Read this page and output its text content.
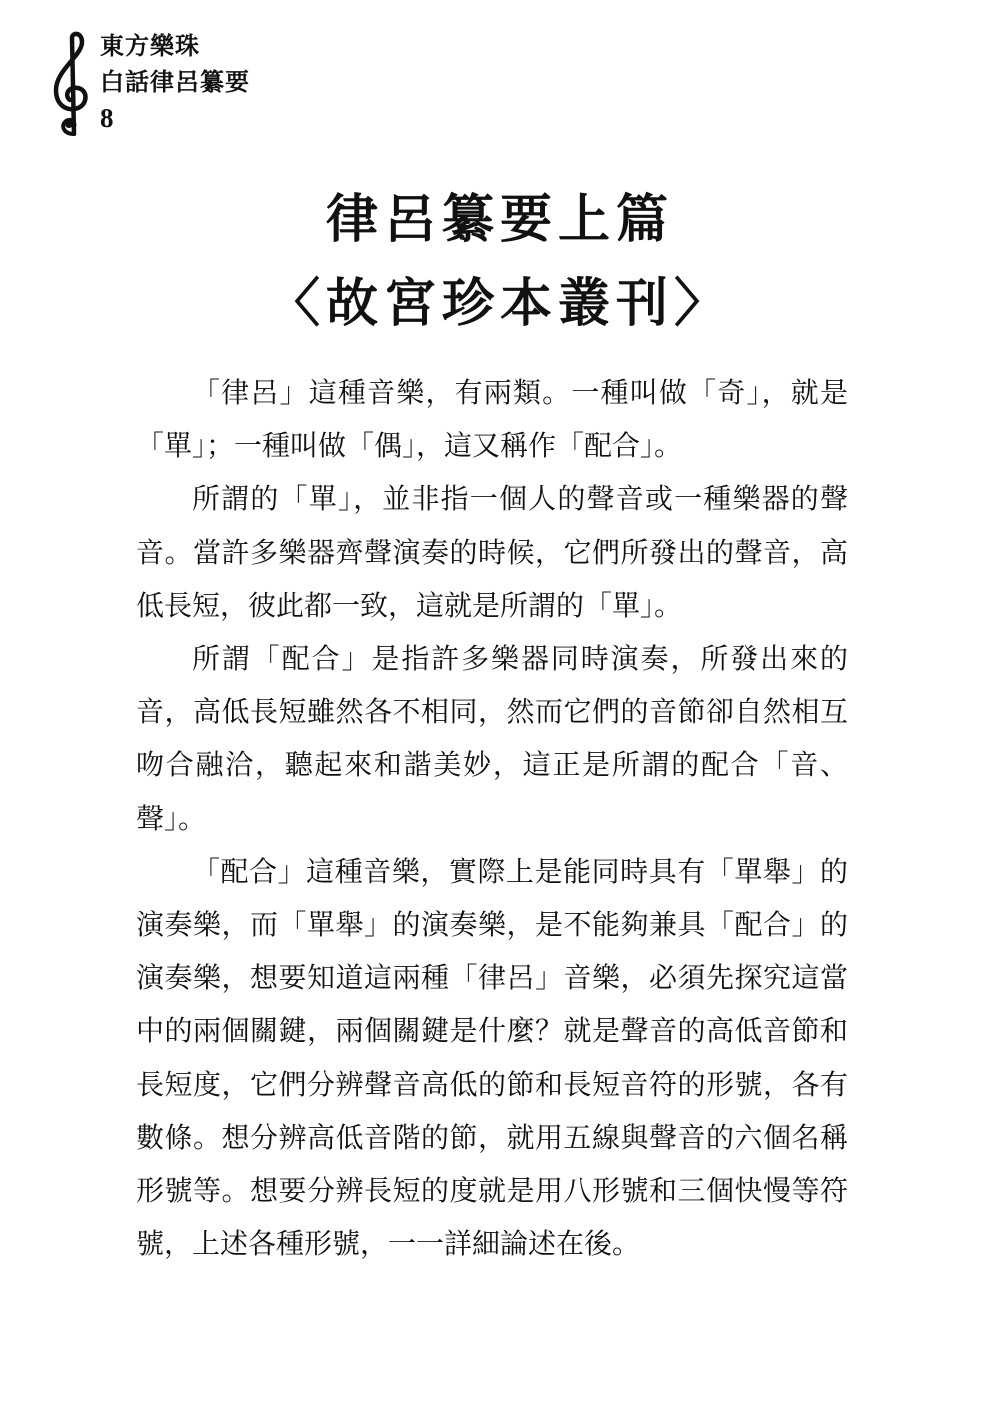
東方樂珠
白話律呂纂要
8
律呂纂要上篇
〈故宮珍本叢刊〉

「律呂」這種音樂，有兩類。一種叫做「奇」，就是「單」；一種叫做「偶」，這又稱作「配合」。

所謂的「單」，並非指一個人的聲音或一種樂器的聲音。當許多樂器齊聲演奏的時候，它們所發出的聲音，高低長短，彼此都一致，這就是所謂的「單」。

所謂「配合」是指許多樂器同時演奏，所發出來的音，高低長短雖然各不相同，然而它們的音節卻自然相互吻合融洽，聽起來和諧美妙，這正是所謂的配合「音、聲」。

「配合」這種音樂，實際上是能同時具有「單舉」的演奏樂，而「單舉」的演奏樂，是不能夠兼具「配合」的演奏樂，想要知道這兩種「律呂」音樂，必須先探究這當中的兩個關鍵，兩個關鍵是什麼？就是聲音的高低音節和長短度，它們分辨聲音高低的節和長短音符的形號，各有數條。想分辨高低音階的節，就用五線與聲音的六個名稱形號等。想要分辨長短的度就是用八形號和三個快慢等符號，上述各種形號，一一詳細論述在後。
